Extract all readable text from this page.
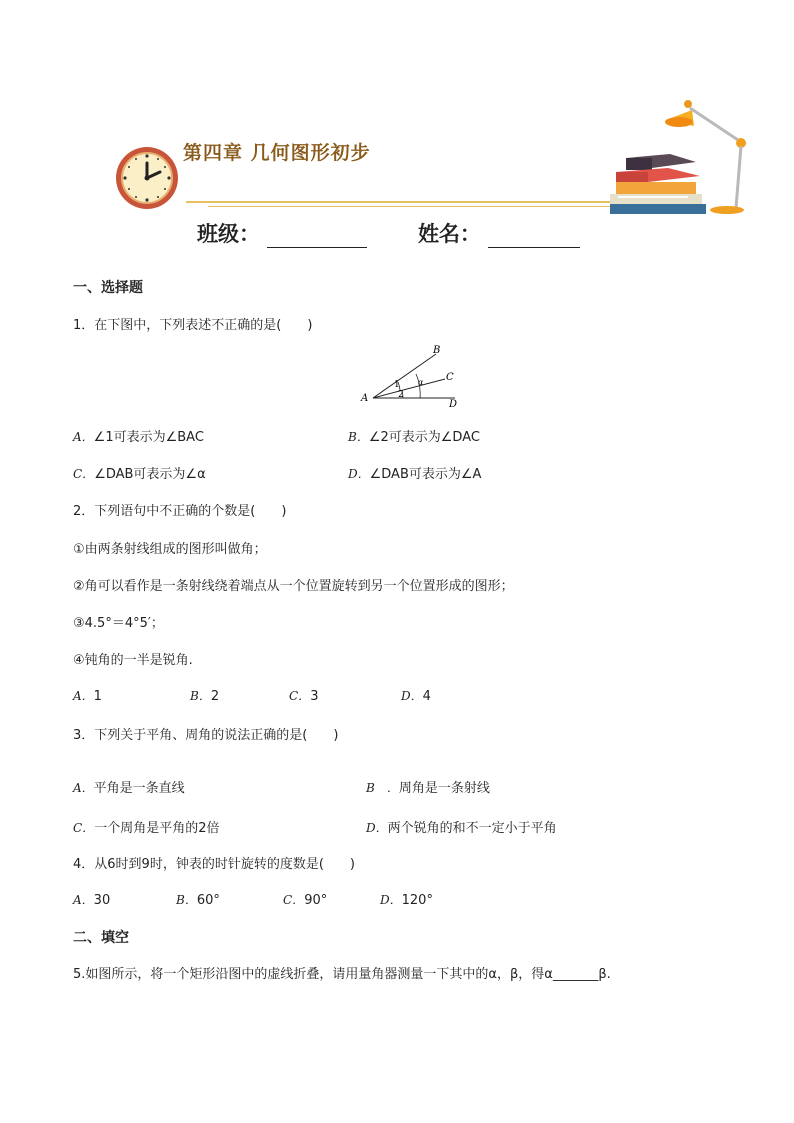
第四章 几何图形初步
班级：	姓名：
一、选择题
1．在下图中，下列表述不正确的是(　　)
A
B
C
D
1
2
α
A．∠1可表示为∠BAC	B．∠2可表示为∠DAC
C．∠DAB可表示为∠α	D．∠DAB可表示为∠A
2．下列语句中不正确的个数是(　　)
①由两条射线组成的图形叫做角；
②角可以看作是一条射线绕着端点从一个位置旋转到另一个位置形成的图形；
③4.5°＝4°5′；
④钝角的一半是锐角.
A．1	B．2	C．3	D．4
3．下列关于平角、周角的说法正确的是(　　)
A．平角是一条直线	B　．周角是一条射线
C．一个周角是平角的2倍	D．两个锐角的和不一定小于平角
4．从6时到9时，钟表的时针旋转的度数是(　　)
A．30	B．60°	C．90°	D．120°
二、填空
5.如图所示，将一个矩形沿图中的虚线折叠，请用量角器测量一下其中的α，β，得α_______β.
